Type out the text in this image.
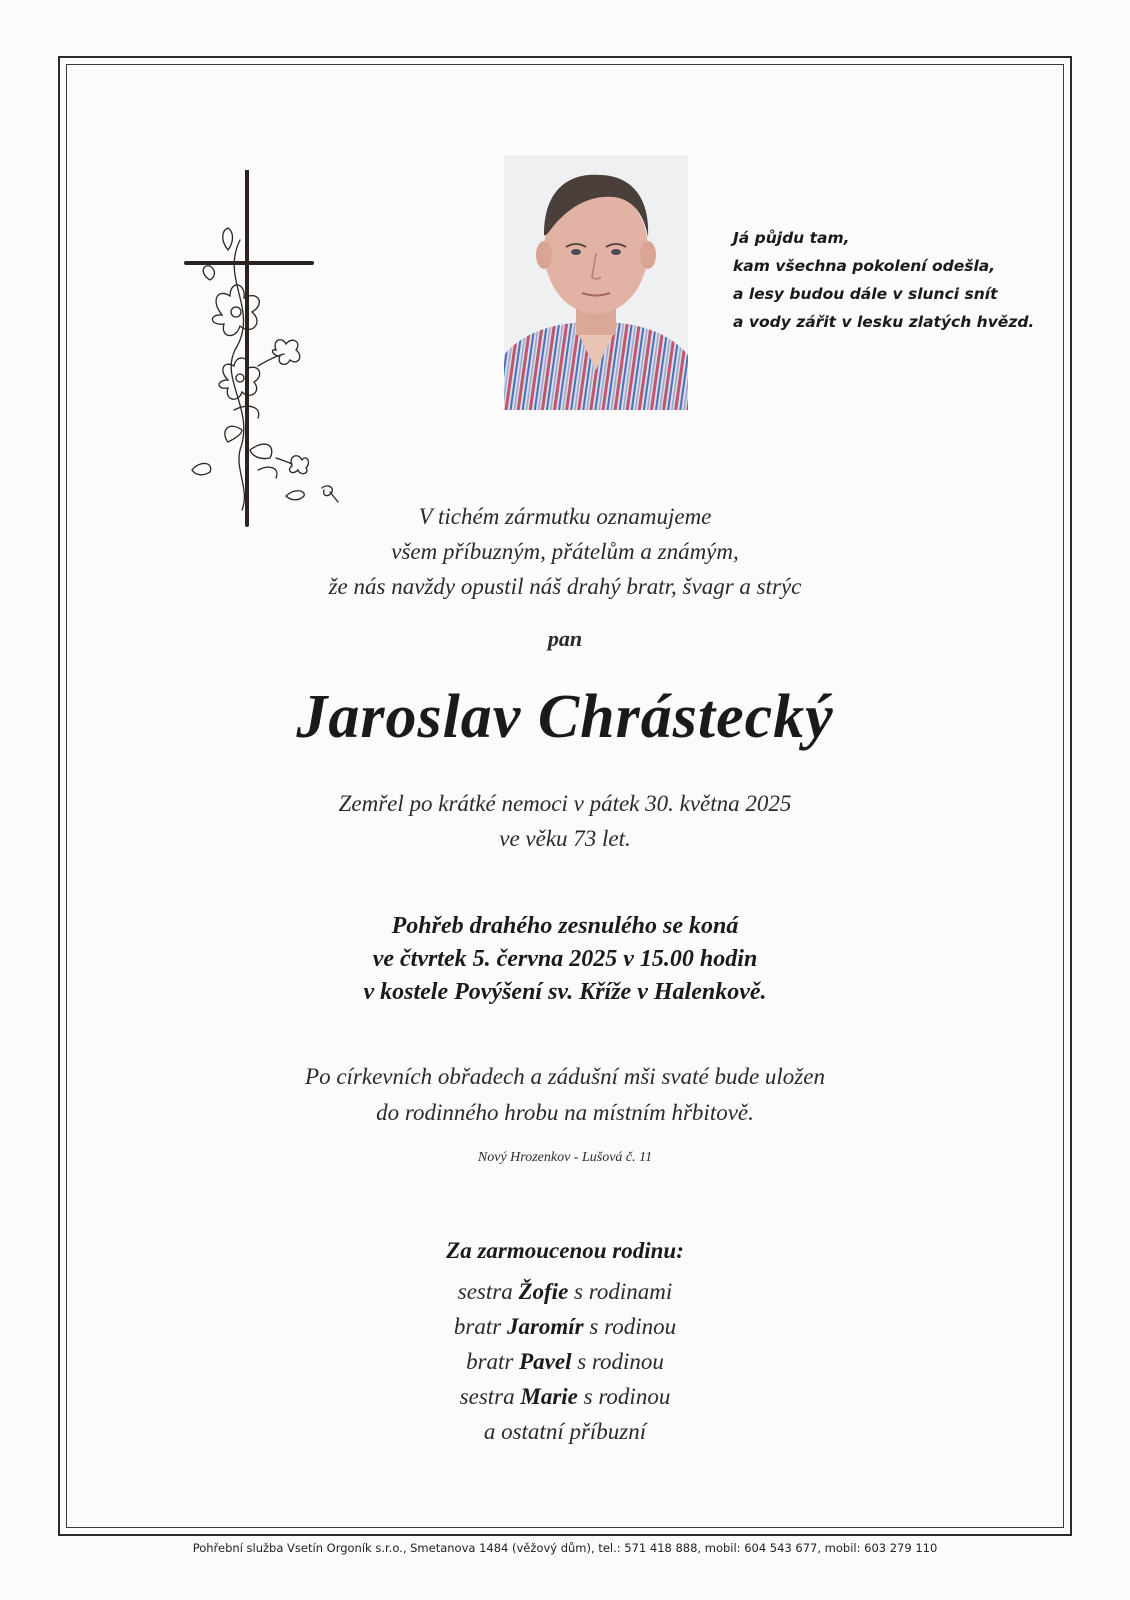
Já půjdu tam,
kam všechna pokolení odešla,
a lesy budou dále v slunci snít
a vody zářit v lesku zlatých hvězd.
V tichém zármutku oznamujeme
všem příbuzným, přátelům a známým,
že nás navždy opustil náš drahý bratr, švagr a strýc
pan
Jaroslav Chrástecký
Zemřel po krátké nemoci v pátek 30. května 2025
ve věku 73 let.
Pohřeb drahého zesnulého se koná
ve čtvrtek 5. června 2025 v 15.00 hodin
v kostele Povýšení sv. Kříže v Halenkově.
Po církevních obřadech a zádušní mši svaté bude uložen
do rodinného hrobu na místním hřbitově.
Nový Hrozenkov - Lušová č. 11
Za zarmoucenou rodinu:
sestra Žofie s rodinami
bratr Jaromír s rodinou
bratr Pavel s rodinou
sestra Marie s rodinou
a ostatní příbuzní
Pohřební služba Vsetín Orgoník s.r.o., Smetanova 1484 (věžový dům), tel.: 571 418 888, mobil: 604 543 677, mobil: 603 279 110
